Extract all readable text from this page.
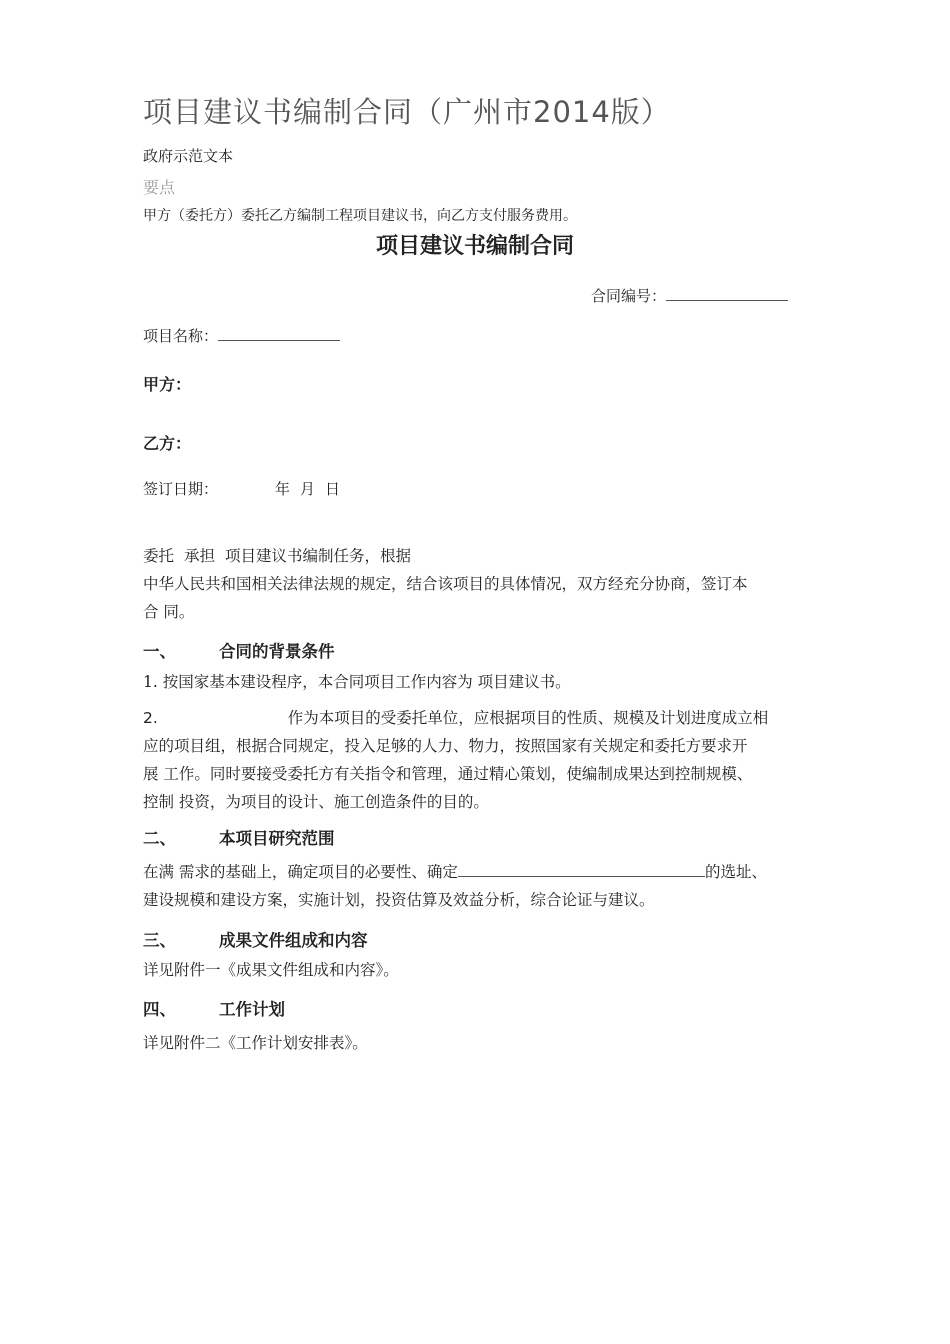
项目建议书编制合同（广州市2014版）
政府示范文本
要点
甲方（委托方）委托乙方编制工程项目建议书，向乙方支付服务费用。
项目建议书编制合同
合同编号：
项目名称：
甲方：
乙方：
签订日期：	年 月 日
委托 承担 项目建议书编制任务，根据
中华人民共和国相关法律法规的规定，结合该项目的具体情况，双方经充分协商，签订本
合 同。
一、	合同的背景条件
1. 按国家基本建设程序，本合同项目工作内容为 项目建议书。
2.	作为本项目的受委托单位，应根据项目的性质、规模及计划进度成立相
应的项目组，根据合同规定，投入足够的人力、物力，按照国家有关规定和委托方要求开
展 工作。同时要接受委托方有关指令和管理，通过精心策划，使编制成果达到控制规模、
控制 投资，为项目的设计、施工创造条件的目的。
二、	本项目研究范围
在满 需求的基础上，确定项目的必要性、确定	的选址、
建设规模和建设方案，实施计划，投资估算及效益分析，综合论证与建议。
三、	成果文件组成和内容
详见附件一《成果文件组成和内容》。
四、	工作计划
详见附件二《工作计划安排表》。
